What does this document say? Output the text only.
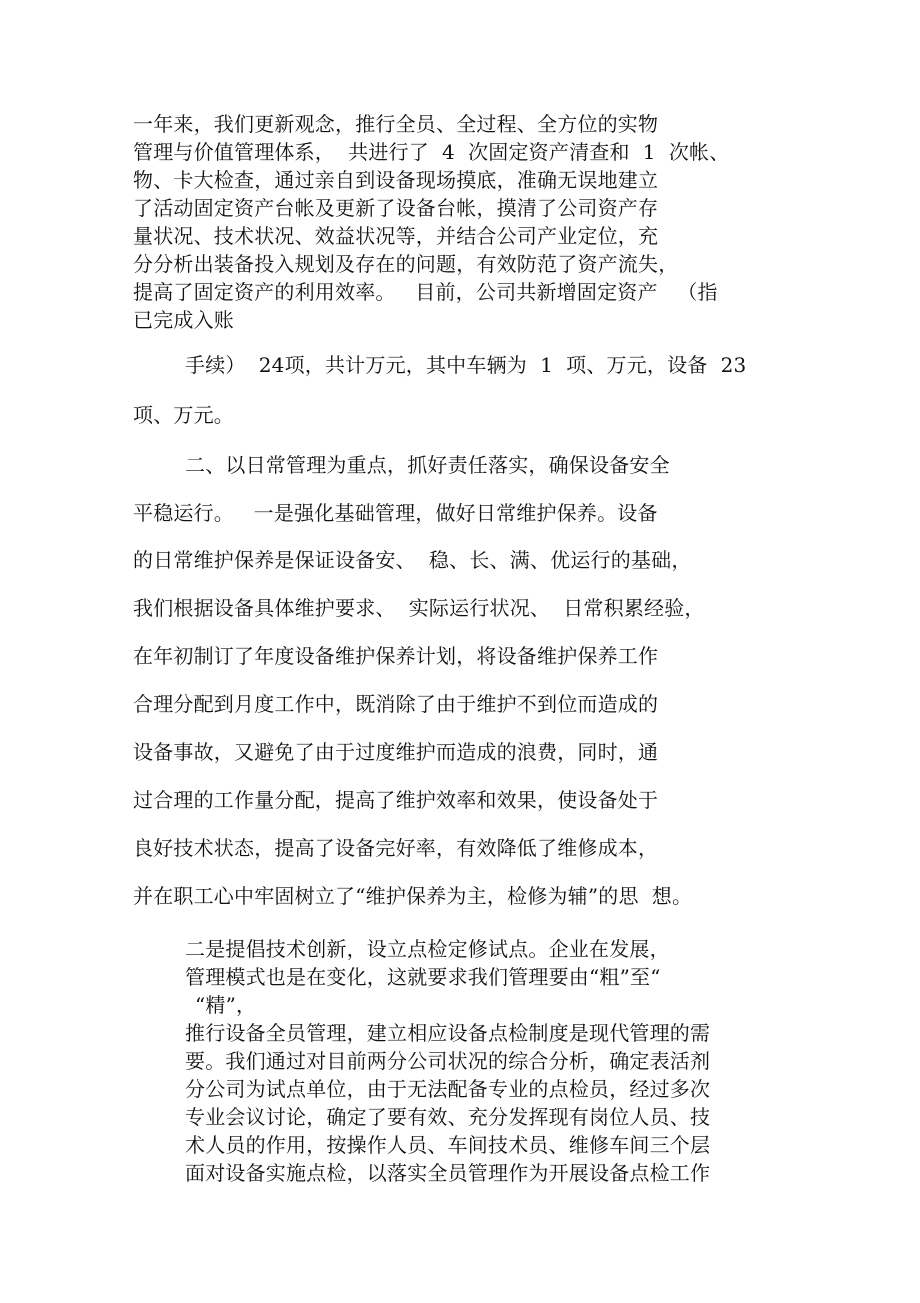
一年来，我们更新观念，推行全员、全过程、全方位的实物
管理与价值管理体系，  共进行了  4  次固定资产清查和  1  次帐、
物、卡大检查，通过亲自到设备现场摸底，准确无误地建立
了活动固定资产台帐及更新了设备台帐，摸清了公司资产存
量状况、技术状况、效益状况等，并结合公司产业定位，充
分分析出装备投入规划及存在的问题，有效防范了资产流失，
提高了固定资产的利用效率。   目前，公司共新增固定资产   （指
已完成入账
手续）  24项，共计万元，其中车辆为  1  项、万元，设备  23
项、万元。
二、以日常管理为重点，抓好责任落实，确保设备安全
平稳运行。   一是强化基础管理，做好日常维护保养。设备
的日常维护保养是保证设备安、  稳、长、满、优运行的基础，
我们根据设备具体维护要求、  实际运行状况、  日常积累经验，
在年初制订了年度设备维护保养计划，将设备维护保养工作
合理分配到月度工作中，既消除了由于维护不到位而造成的
设备事故，又避免了由于过度维护而造成的浪费，同时，通
过合理的工作量分配，提高了维护效率和效果，使设备处于
良好技术状态，提高了设备完好率，有效降低了维修成本，
并在职工心中牢固树立了“维护保养为主，检修为辅”的思  想。
二是提倡技术创新，设立点检定修试点。企业在发展，
管理模式也是在变化，这就要求我们管理要由“粗”至“
“精”，
推行设备全员管理，建立相应设备点检制度是现代管理的需
要。我们通过对目前两分公司状况的综合分析，确定表活剂
分公司为试点单位，由于无法配备专业的点检员，经过多次
专业会议讨论，确定了要有效、充分发挥现有岗位人员、技
术人员的作用，按操作人员、车间技术员、维修车间三个层
面对设备实施点检，以落实全员管理作为开展设备点检工作
